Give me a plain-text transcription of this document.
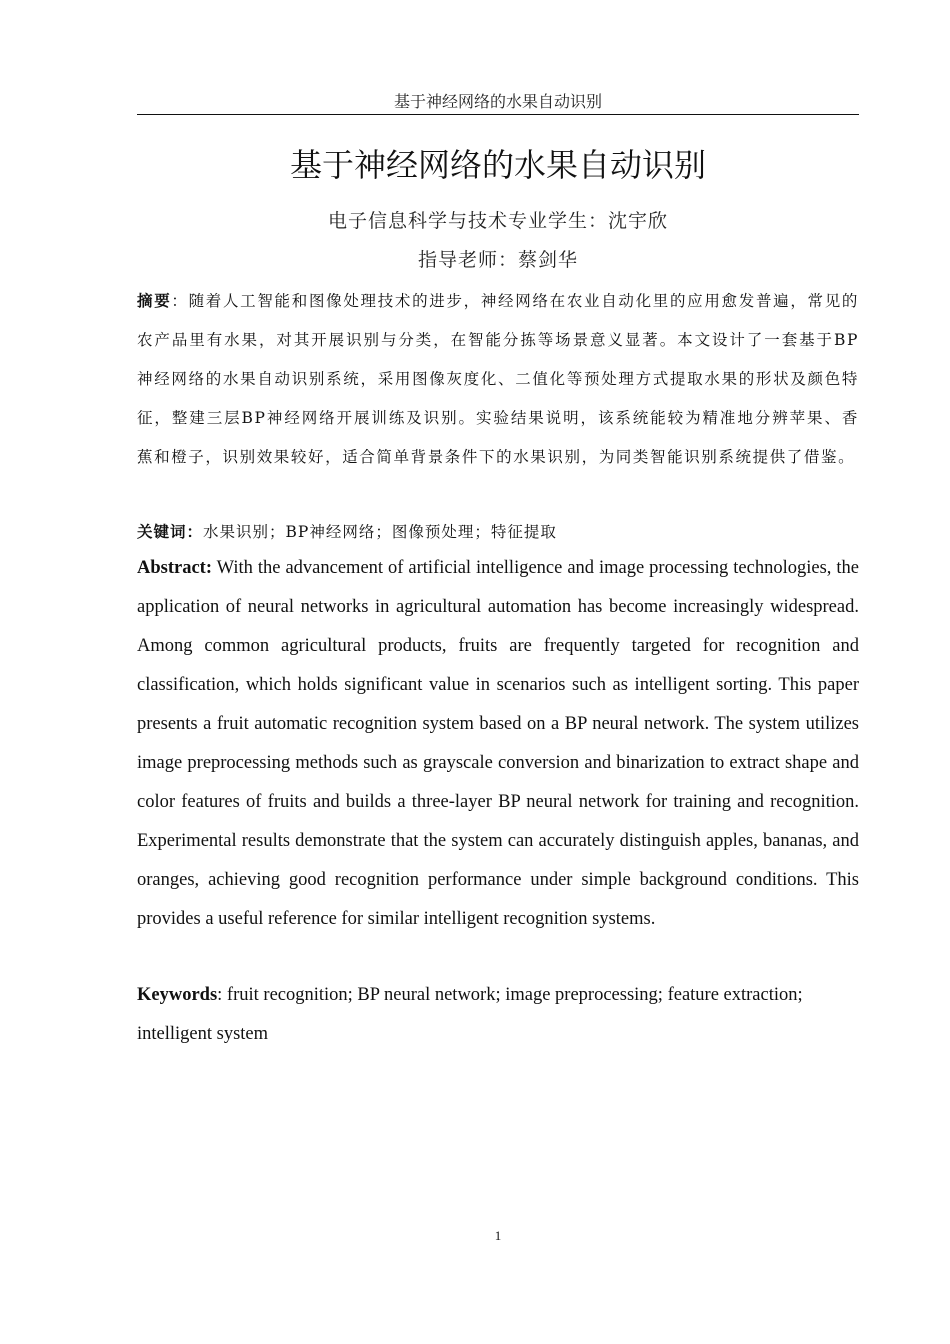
基于神经网络的水果自动识别
基于神经网络的水果自动识别
电子信息科学与技术专业学生：沈宇欣
指导老师：蔡剑华
摘要：随着人工智能和图像处理技术的进步，神经网络在农业自动化里的应用愈发普遍，常见的农产品里有水果，对其开展识别与分类，在智能分拣等场景意义显著。本文设计了一套基于BP神经网络的水果自动识别系统，采用图像灰度化、二值化等预处理方式提取水果的形状及颜色特征，整建三层BP神经网络开展训练及识别。实验结果说明，该系统能较为精准地分辨苹果、香蕉和橙子，识别效果较好，适合简单背景条件下的水果识别，为同类智能识别系统提供了借鉴。
关键词：水果识别；BP神经网络；图像预处理；特征提取
Abstract: With the advancement of artificial intelligence and image processing technologies, the application of neural networks in agricultural automation has become increasingly widespread. Among common agricultural products, fruits are frequently targeted for recognition and classification, which holds significant value in scenarios such as intelligent sorting. This paper presents a fruit automatic recognition system based on a BP neural network. The system utilizes image preprocessing methods such as grayscale conversion and binarization to extract shape and color features of fruits and builds a three-layer BP neural network for training and recognition. Experimental results demonstrate that the system can accurately distinguish apples, bananas, and oranges, achieving good recognition performance under simple background conditions. This provides a useful reference for similar intelligent recognition systems.
Keywords: fruit recognition; BP neural network; image preprocessing; feature extraction; intelligent system
1
